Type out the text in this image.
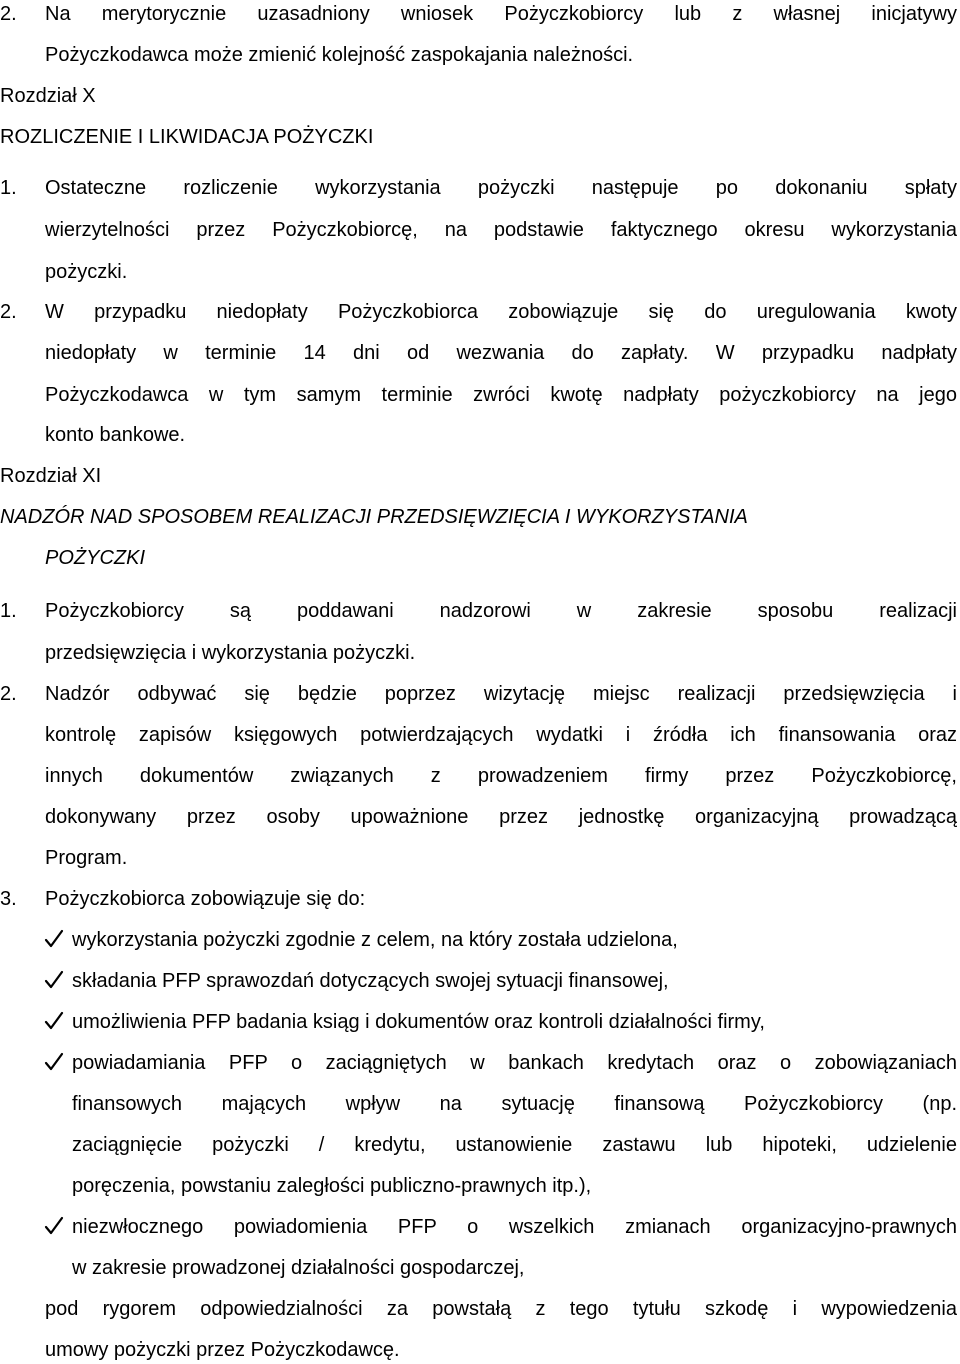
2. Na merytorycznie uzasadniony wniosek Pożyczkobiorcy lub z własnej inicjatywy
Pożyczkodawca może zmienić kolejność zaspokajania należności.
Rozdział X
ROZLICZENIE I LIKWIDACJA POŻYCZKI
1. Ostateczne rozliczenie wykorzystania pożyczki następuje po dokonaniu spłaty
wierzytelności przez Pożyczkobiorcę, na podstawie faktycznego okresu wykorzystania
pożyczki.
2. W przypadku niedopłaty Pożyczkobiorca zobowiązuje się do uregulowania kwoty
niedopłaty w terminie 14 dni od wezwania do zapłaty. W przypadku nadpłaty
Pożyczkodawca w tym samym terminie zwróci kwotę nadpłaty pożyczkobiorcy na jego
konto bankowe.
Rozdział XI
NADZÓR NAD SPOSOBEM REALIZACJI PRZEDSIĘWZIĘCIA I WYKORZYSTANIA
POŻYCZKI
1. Pożyczkobiorcy są poddawani nadzorowi w zakresie sposobu realizacji
przedsięwzięcia i wykorzystania pożyczki.
2. Nadzór odbywać się będzie poprzez wizytację miejsc realizacji przedsięwzięcia i
kontrolę zapisów księgowych potwierdzających wydatki i źródła ich finansowania oraz
innych dokumentów związanych z prowadzeniem firmy przez Pożyczkobiorcę,
dokonywany przez osoby upoważnione przez jednostkę organizacyjną prowadzącą
Program.
3. Pożyczkobiorca zobowiązuje się do:
wykorzystania pożyczki zgodnie z celem, na który została udzielona,
składania PFP sprawozdań dotyczących swojej sytuacji finansowej,
umożliwienia PFP badania ksiąg i dokumentów oraz kontroli działalności firmy,
powiadamiania PFP o zaciągniętych w bankach kredytach oraz o zobowiązaniach
finansowych mających wpływ na sytuację finansową Pożyczkobiorcy (np.
zaciągnięcie pożyczki / kredytu, ustanowienie zastawu lub hipoteki, udzielenie
poręczenia, powstaniu zaległości publiczno-prawnych itp.),
niezwłocznego powiadomienia PFP o wszelkich zmianach organizacyjno-prawnych
w zakresie prowadzonej działalności gospodarczej,
pod rygorem odpowiedzialności za powstałą z tego tytułu szkodę i wypowiedzenia
umowy pożyczki przez Pożyczkodawcę.
